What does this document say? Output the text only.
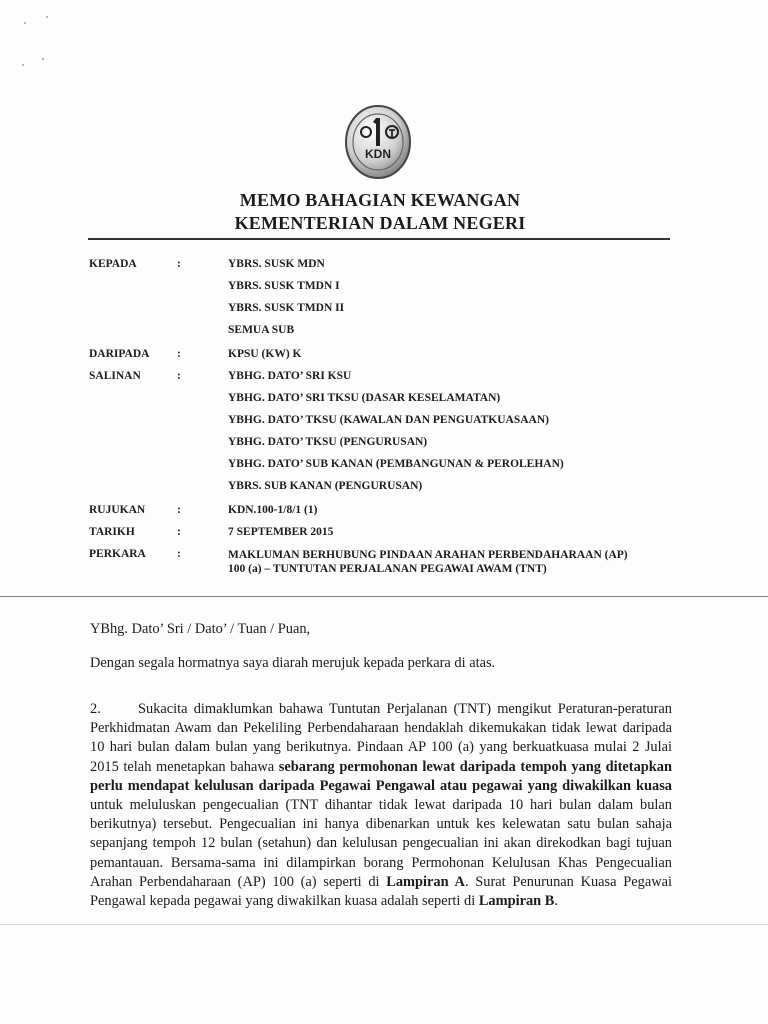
KDN
MEMO BAHAGIAN KEWANGAN
KEMENTERIAN DALAM NEGERI
KEPADA	:	YBRS. SUSK MDN
YBRS. SUSK TMDN I
YBRS. SUSK TMDN II
SEMUA SUB
DARIPADA :	KPSU (KW) K
SALINAN	:	YBHG. DATO’ SRI KSU
YBHG. DATO’ SRI TKSU (DASAR KESELAMATAN)
YBHG. DATO’ TKSU (KAWALAN DAN PENGUATKUASAAN)
YBHG. DATO’ TKSU (PENGURUSAN)
YBHG. DATO’ SUB KANAN (PEMBANGUNAN & PEROLEHAN)
YBRS. SUB KANAN (PENGURUSAN)
RUJUKAN	:	KDN.100-1/8/1 (1)
TARIKH	:	7 SEPTEMBER 2015
PERKARA	:	MAKLUMAN BERHUBUNG PINDAAN ARAHAN PERBENDAHARAAN (AP) 100 (a) – TUNTUTAN PERJALANAN PEGAWAI AWAM (TNT)
YBhg. Dato’ Sri / Dato’ / Tuan / Puan,
Dengan segala hormatnya saya diarah merujuk kepada perkara di atas.
2.	Sukacita dimaklumkan bahawa Tuntutan Perjalanan (TNT) mengikut Peraturan-peraturan Perkhidmatan Awam dan Pekeliling Perbendaharaan hendaklah dikemukakan tidak lewat daripada 10 hari bulan dalam bulan yang berikutnya. Pindaan AP 100 (a) yang berkuatkuasa mulai 2 Julai 2015 telah menetapkan bahawa sebarang permohonan lewat daripada tempoh yang ditetapkan perlu mendapat kelulusan daripada Pegawai Pengawal atau pegawai yang diwakilkan kuasa untuk meluluskan pengecualian (TNT dihantar tidak lewat daripada 10 hari bulan dalam bulan berikutnya) tersebut. Pengecualian ini hanya dibenarkan untuk kes kelewatan satu bulan sahaja sepanjang tempoh 12 bulan (setahun) dan kelulusan pengecualian ini akan direkodkan bagi tujuan pemantauan. Bersama-sama ini dilampirkan borang Permohonan Kelulusan Khas Pengecualian Arahan Perbendaharaan (AP) 100 (a) seperti di Lampiran A. Surat Penurunan Kuasa Pegawai Pengawal kepada pegawai yang diwakilkan kuasa adalah seperti di Lampiran B.
